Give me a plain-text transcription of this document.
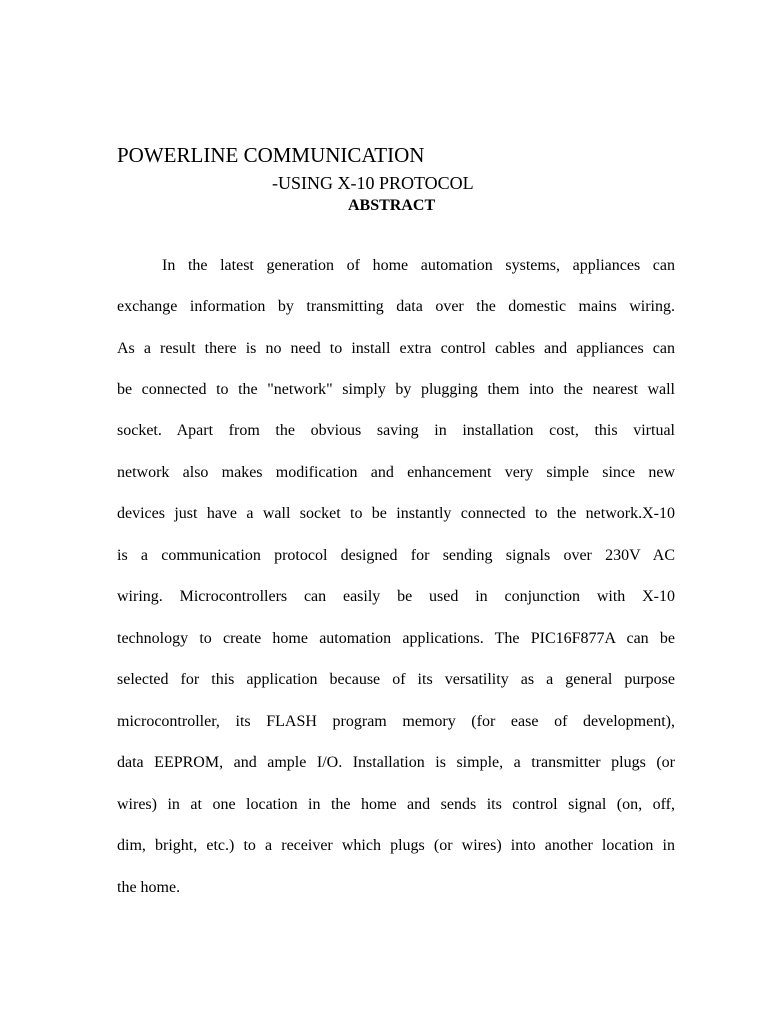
POWERLINE COMMUNICATION
-USING X-10 PROTOCOL
ABSTRACT
In the latest generation of home automation systems, appliances can
exchange information by transmitting data over the domestic mains wiring.
As a result there is no need to install extra control cables and appliances can
be connected to the "network" simply by plugging them into the nearest wall
socket. Apart from the obvious saving in installation cost, this virtual
network also makes modification and enhancement very simple since new
devices just have a wall socket to be instantly connected to the network.X-10
is a communication protocol designed for sending signals over 230V AC
wiring. Microcontrollers can easily be used in conjunction with X-10
technology to create home automation applications. The PIC16F877A can be
selected for this application because of its versatility as a general purpose
microcontroller, its FLASH program memory (for ease of development),
data EEPROM, and ample I/O. Installation is simple, a transmitter plugs (or
wires) in at one location in the home and sends its control signal (on, off,
dim, bright, etc.) to a receiver which plugs (or wires) into another location in
the home.
